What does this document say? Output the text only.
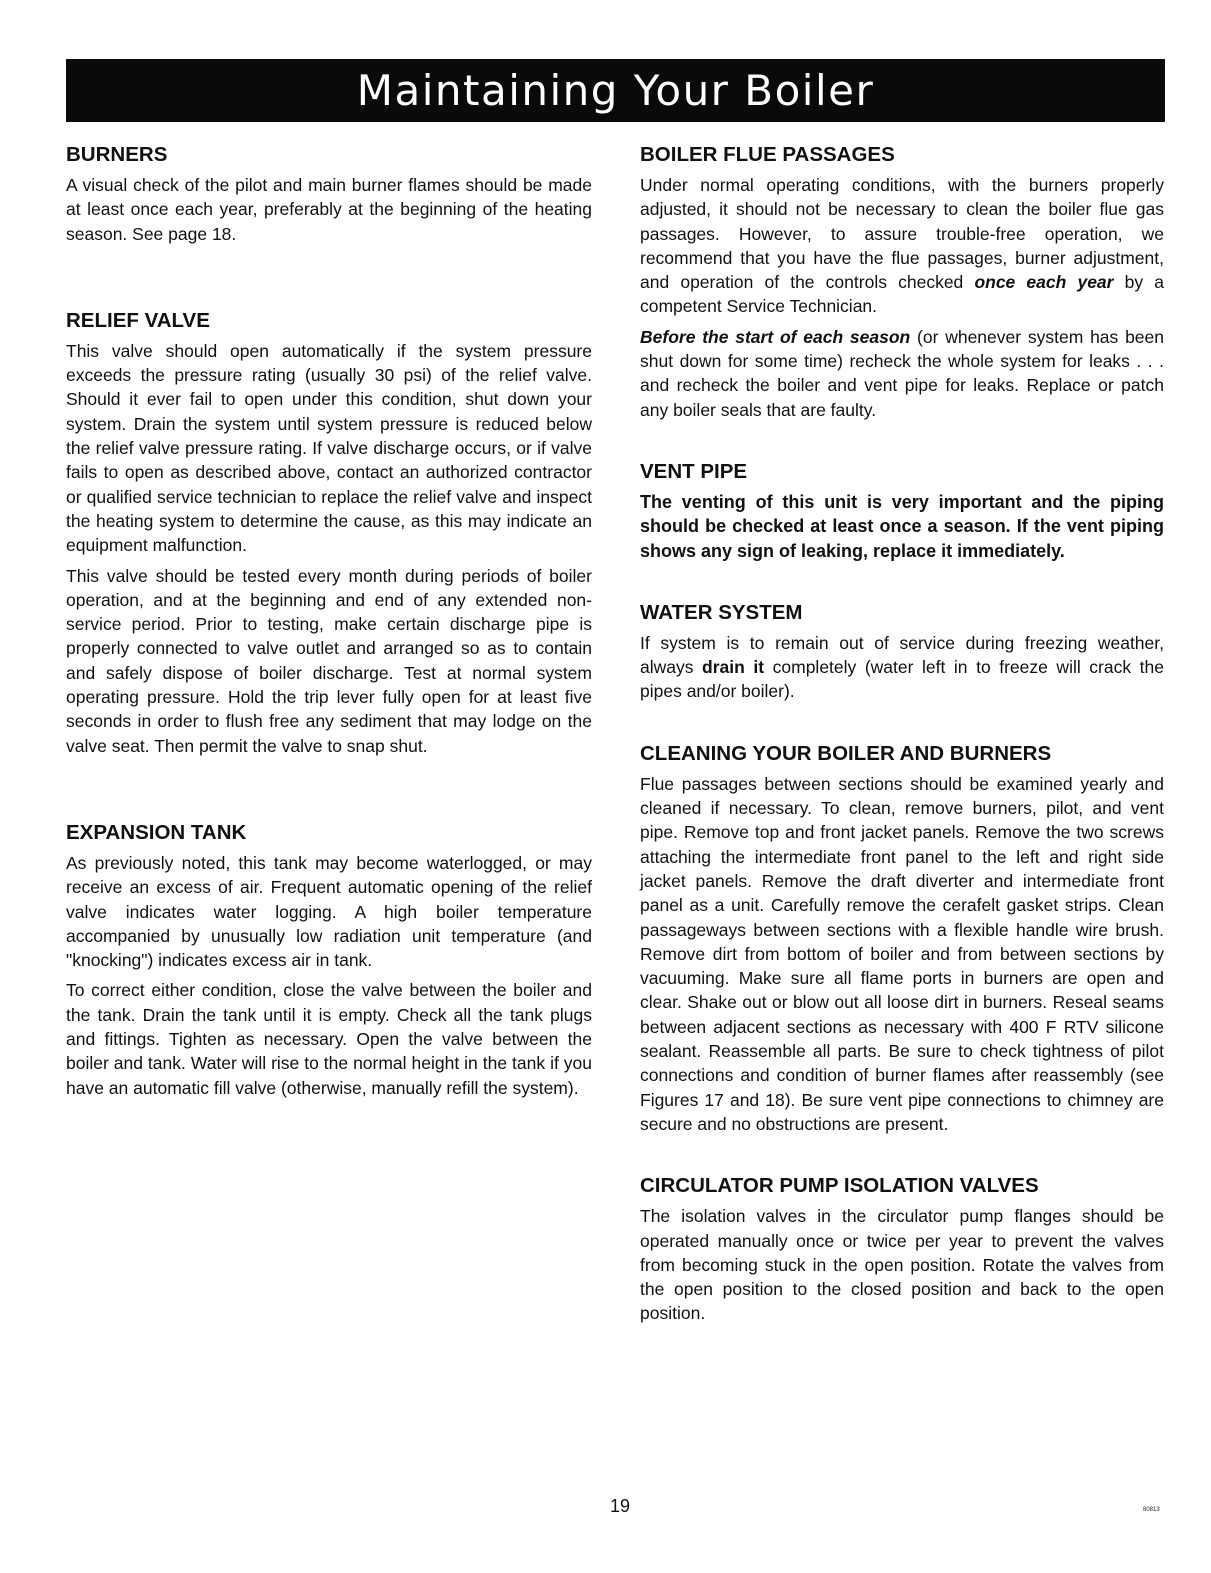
Maintaining Your Boiler
BURNERS

A visual check of the pilot and main burner flames should be made at least once each year, preferably at the beginning of the heating season. See page 18.

RELIEF VALVE

This valve should open automatically if the system pressure exceeds the pressure rating (usually 30 psi) of the relief valve. Should it ever fail to open under this condition, shut down your system. Drain the system until system pressure is reduced below the relief valve pressure rating. If valve discharge occurs, or if valve fails to open as described above, contact an authorized contractor or qualified service technician to replace the relief valve and inspect the heating system to determine the cause, as this may indicate an equipment malfunction.

This valve should be tested every month during periods of boiler operation, and at the beginning and end of any extended non-service period. Prior to testing, make certain discharge pipe is properly connected to valve outlet and arranged so as to contain and safely dispose of boiler discharge. Test at normal system operating pressure. Hold the trip lever fully open for at least five seconds in order to flush free any sediment that may lodge on the valve seat. Then permit the valve to snap shut.

EXPANSION TANK

As previously noted, this tank may become waterlogged, or may receive an excess of air. Frequent automatic opening of the relief valve indicates water logging. A high boiler temperature accompanied by unusually low radiation unit temperature (and "knocking") indicates excess air in tank.

To correct either condition, close the valve between the boiler and the tank. Drain the tank until it is empty. Check all the tank plugs and fittings. Tighten as necessary. Open the valve between the boiler and tank. Water will rise to the normal height in the tank if you have an automatic fill valve (otherwise, manually refill the system).

BOILER FLUE PASSAGES

Under normal operating conditions, with the burners properly adjusted, it should not be necessary to clean the boiler flue gas passages. However, to assure trouble-free operation, we recommend that you have the flue passages, burner adjustment, and operation of the controls checked once each year by a competent Service Technician.

Before the start of each season (or whenever system has been shut down for some time) recheck the whole system for leaks . . . and recheck the boiler and vent pipe for leaks. Replace or patch any boiler seals that are faulty.

VENT PIPE

The venting of this unit is very important and the piping should be checked at least once a season. If the vent piping shows any sign of leaking, replace it immediately.

WATER SYSTEM

If system is to remain out of service during freezing weather, always drain it completely (water left in to freeze will crack the pipes and/or boiler).

CLEANING YOUR BOILER AND BURNERS

Flue passages between sections should be examined yearly and cleaned if necessary. To clean, remove burners, pilot, and vent pipe. Remove top and front jacket panels. Remove the two screws attaching the intermediate front panel to the left and right side jacket panels. Remove the draft diverter and intermediate front panel as a unit. Carefully remove the cerafelt gasket strips. Clean passageways between sections with a flexible handle wire brush. Remove dirt from bottom of boiler and from between sections by vacuuming. Make sure all flame ports in burners are open and clear. Shake out or blow out all loose dirt in burners. Reseal seams between adjacent sections as necessary with 400 F RTV silicone sealant. Reassemble all parts. Be sure to check tightness of pilot connections and condition of burner flames after reassembly (see Figures 17 and 18). Be sure vent pipe connections to chimney are secure and no obstructions are present.

CIRCULATOR PUMP ISOLATION VALVES

The isolation valves in the circulator pump flanges should be operated manually once or twice per year to prevent the valves from becoming stuck in the open position. Rotate the valves from the open position to the closed position and back to the open position.

19	80813
